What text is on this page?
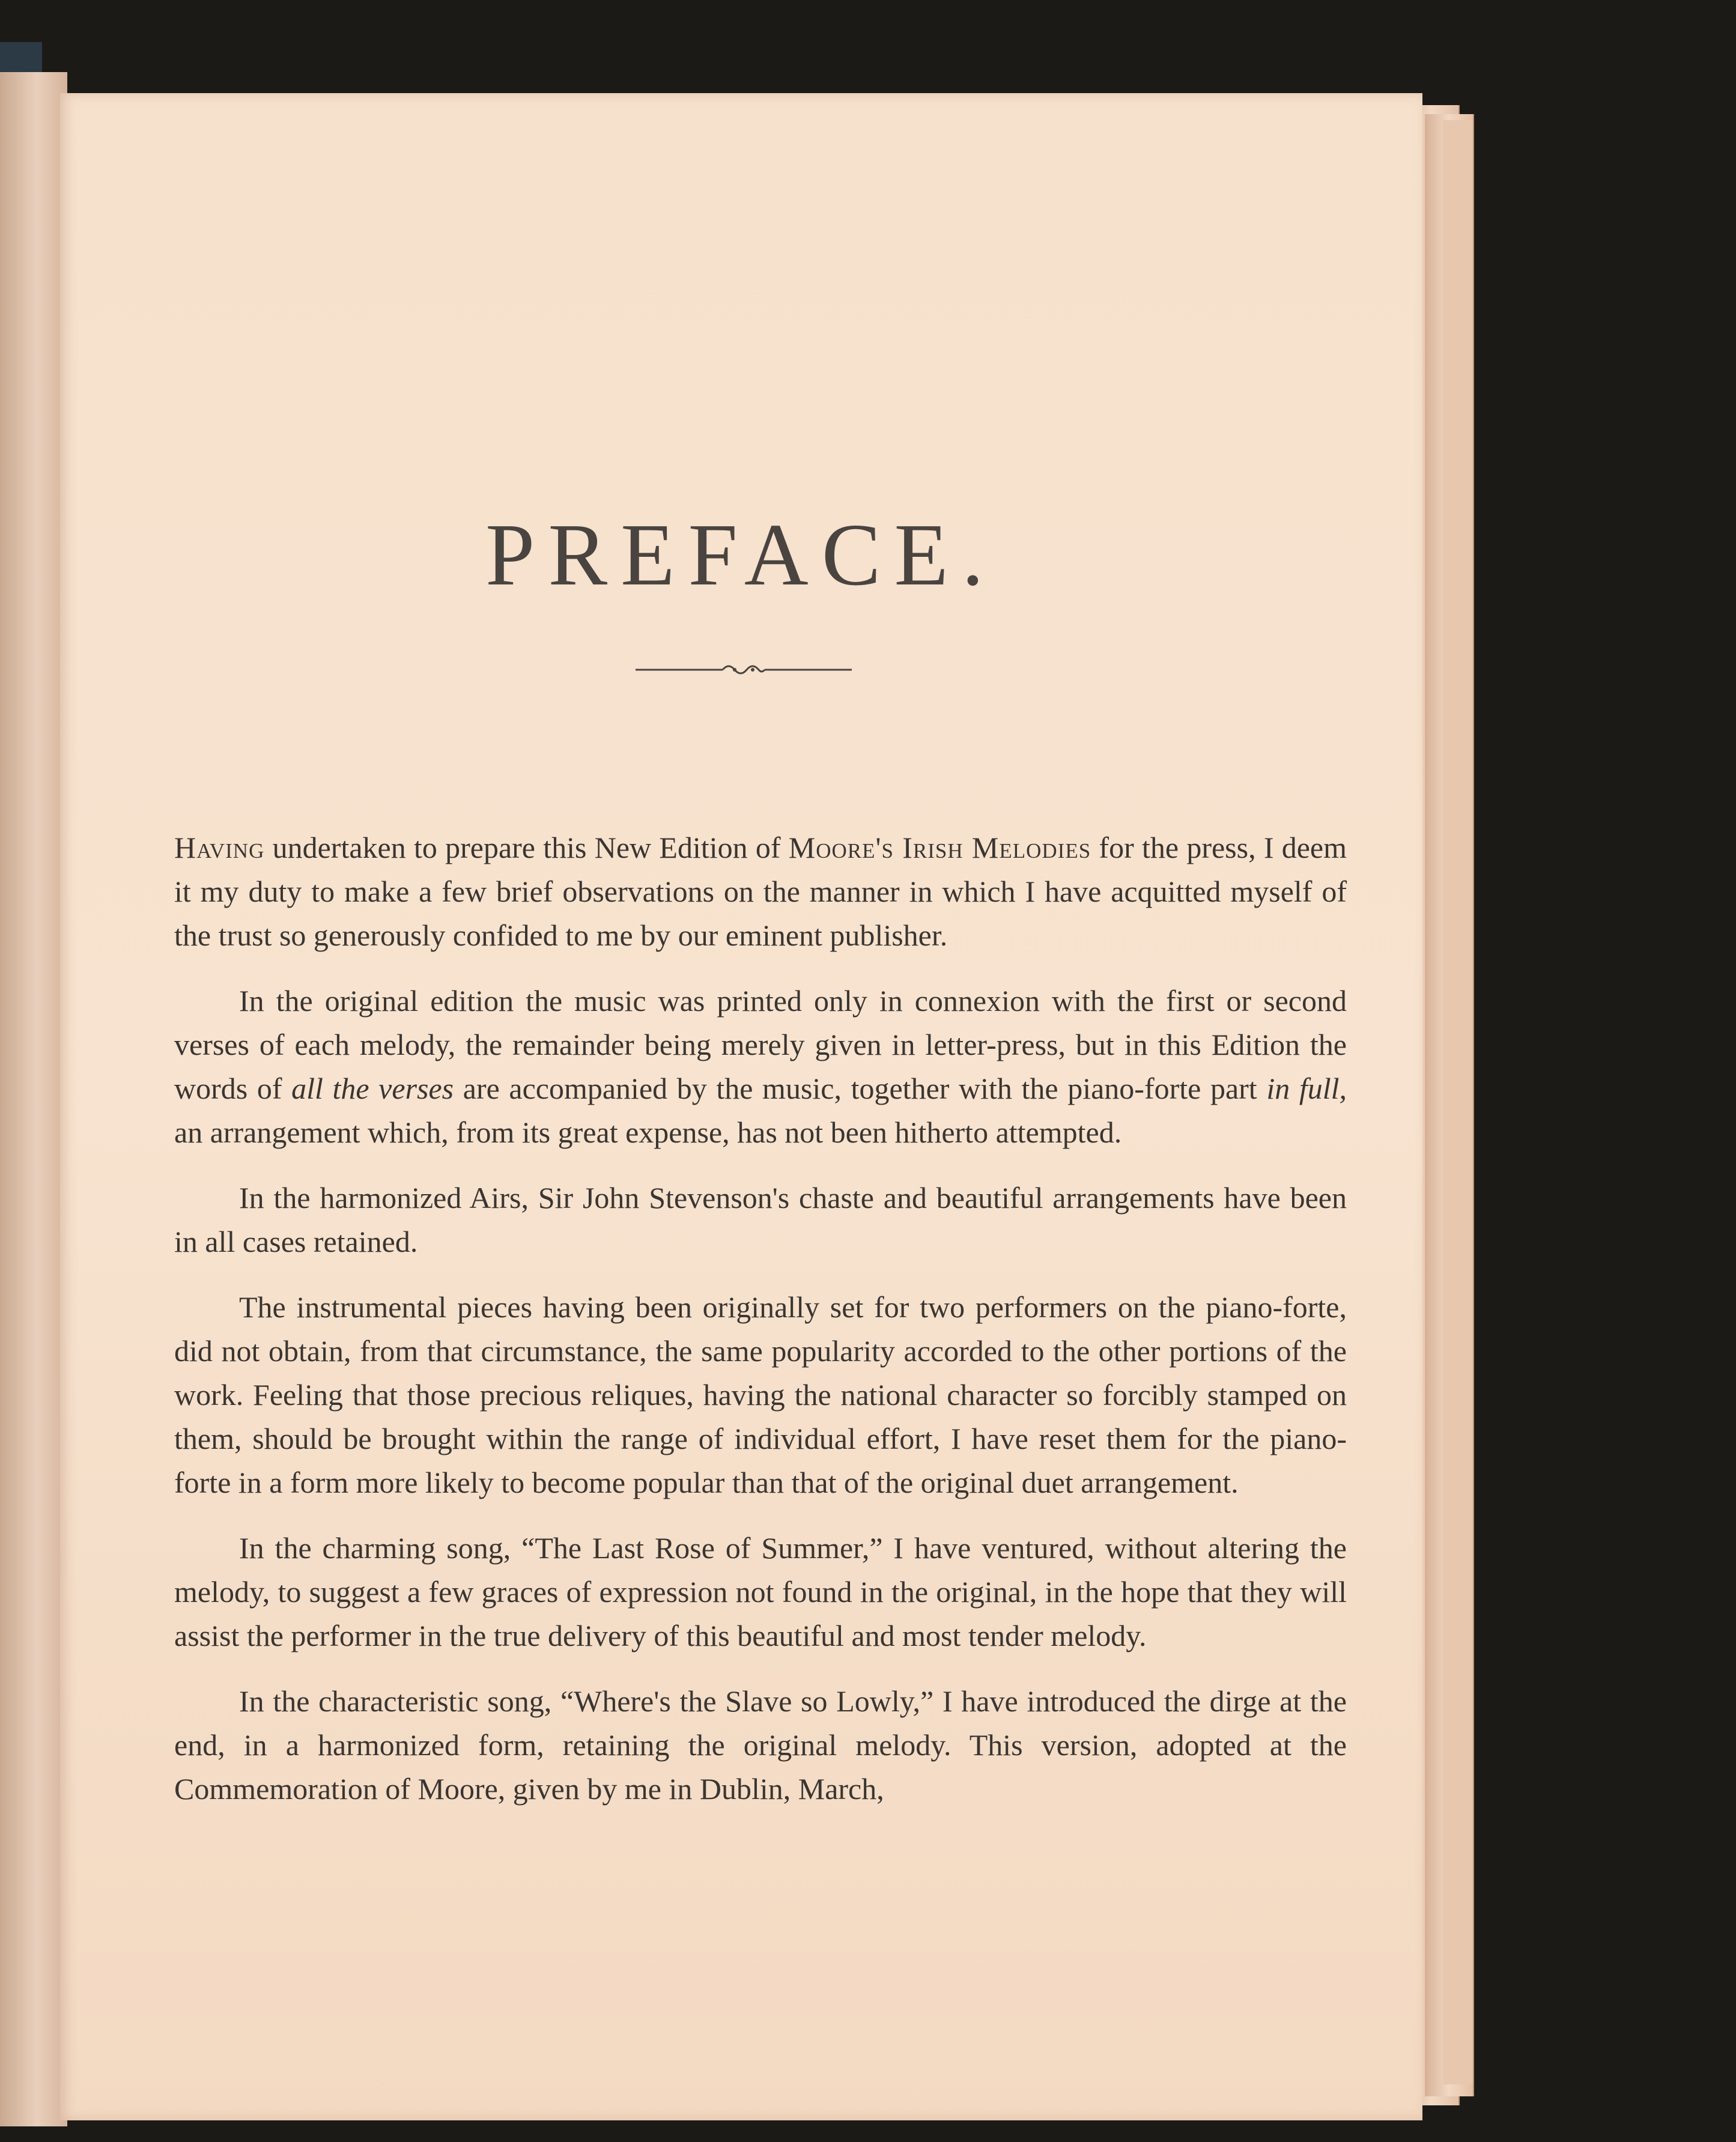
PREFACE.

Having undertaken to prepare this New Edition of Moore's Irish Melodies for the press, I deem it my duty to make a few brief observations on the manner in which I have acquitted myself of the trust so generously confided to me by our eminent publisher.

In the original edition the music was printed only in connexion with the first or second verses of each melody, the remainder being merely given in letter-press, but in this Edition the words of all the verses are accompanied by the music, together with the piano-forte part in full, an arrangement which, from its great expense, has not been hitherto attempted.

In the harmonized Airs, Sir John Stevenson's chaste and beautiful arrangements have been in all cases retained.

The instrumental pieces having been originally set for two performers on the piano-forte, did not obtain, from that circumstance, the same popularity accorded to the other portions of the work. Feeling that those precious reliques, having the national character so forcibly stamped on them, should be brought within the range of individual effort, I have reset them for the piano-forte in a form more likely to become popular than that of the original duet arrangement.

In the charming song, “The Last Rose of Summer,” I have ventured, without altering the melody, to suggest a few graces of expression not found in the original, in the hope that they will assist the performer in the true delivery of this beautiful and most tender melody.

In the characteristic song, “Where's the Slave so Lowly,” I have introduced the dirge at the end, in a harmonized form, retaining the original melody. This version, adopted at the Commemoration of Moore, given by me in Dublin, March,
